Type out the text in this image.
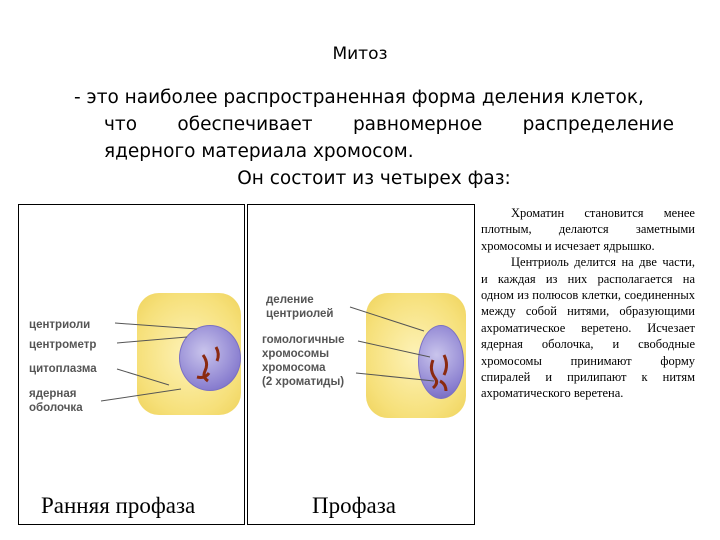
Митоз
- это наиболее распространенная форма деления клеток,
что обеспечивает равномерное распределение
ядерного материала хромосом.
Он состоит из четырех фаз:
центриоли
центрометр
цитоплазма
ядерная
оболочка
Ранняя профаза
деление
центриолей
гомологичные
хромосомы
хромосома
(2 хроматиды)
Профаза

Хроматин становится менее плотным, делаются заметными хромосомы и исчезает ядрышко.

Центриоль делится на две части, и каждая из них располагается на одном из полюсов клетки, соединенных между собой нитями, образующими ахроматическое веретено. Исчезает ядерная оболочка, и свободные хромосомы принимают форму спиралей и прилипают к нитям ахроматического веретена.
